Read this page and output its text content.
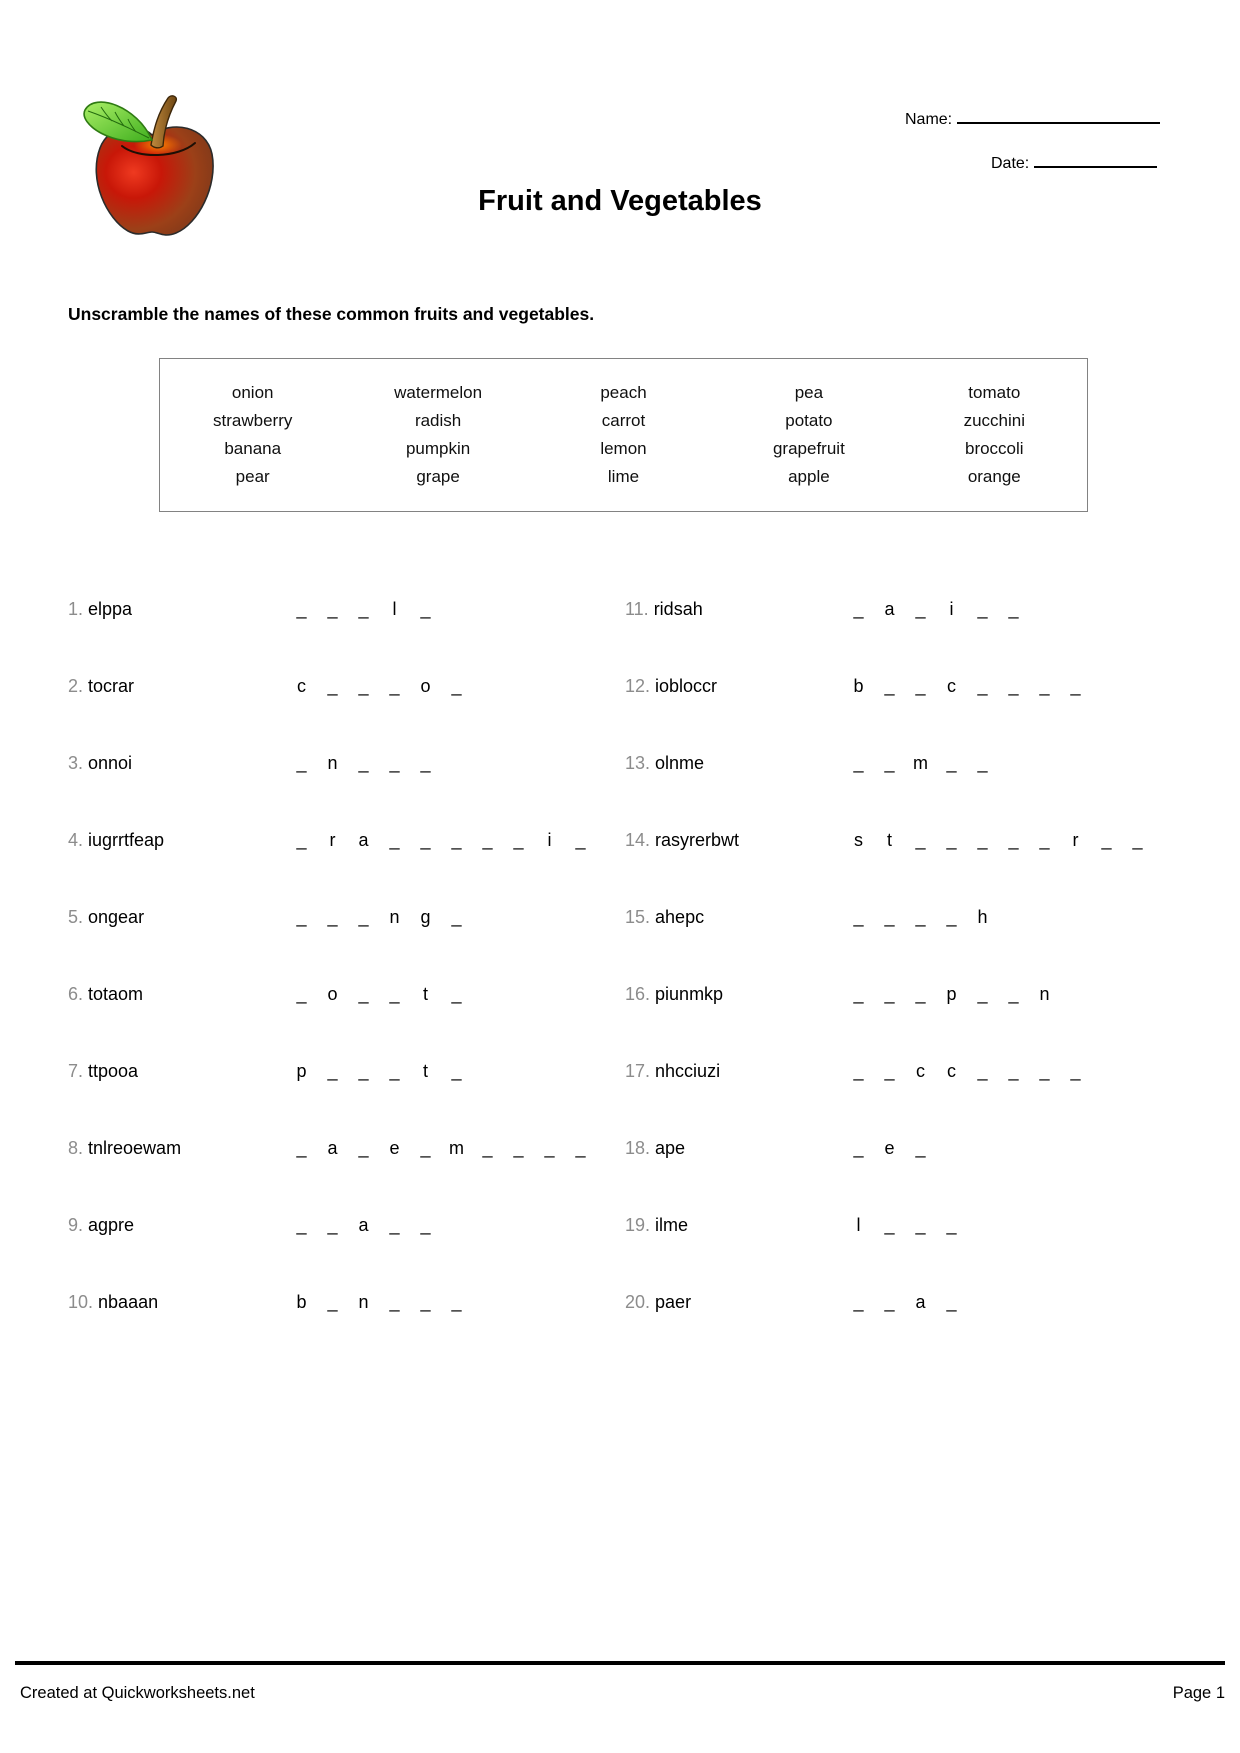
Fruit and Vegetables
Name:
Date:
Unscramble the names of these common fruits and vegetables.
onion	watermelon	peach	pea	tomato
strawberry	radish	carrot	potato	zucchini
banana	pumpkin	lemon	grapefruit	broccoli
pear	grape	lime	apple	orange
1. elppa	_ _ _ l _
2. tocrar	c _ _ _ o _
3. onnoi	_ n _ _ _
4. iugrrtfeap	_ r a _ _ _ _ _ i _
5. ongear	_ _ _ n g _
6. totaom	_ o _ _ t _
7. ttpooa	p _ _ _ t _
8. tnlreoewam	_ a _ e _ m _ _ _ _
9. agpre	_ _ a _ _
10. nbaaan	b _ n _ _ _
11. ridsah	_ a _ i _ _
12. iobloccr	b _ _ c _ _ _ _
13. olnme	_ _ m _ _
14. rasyrerbwt	s t _ _ _ _ _ r _ _
15. ahepc	_ _ _ _ h
16. piunmkp	_ _ _ p _ _ n
17. nhcciuzi	_ _ c c _ _ _ _
18. ape	_ e _
19. ilme	l _ _ _
20. paer	_ _ a _
Created at Quickworksheets.net	Page 1
